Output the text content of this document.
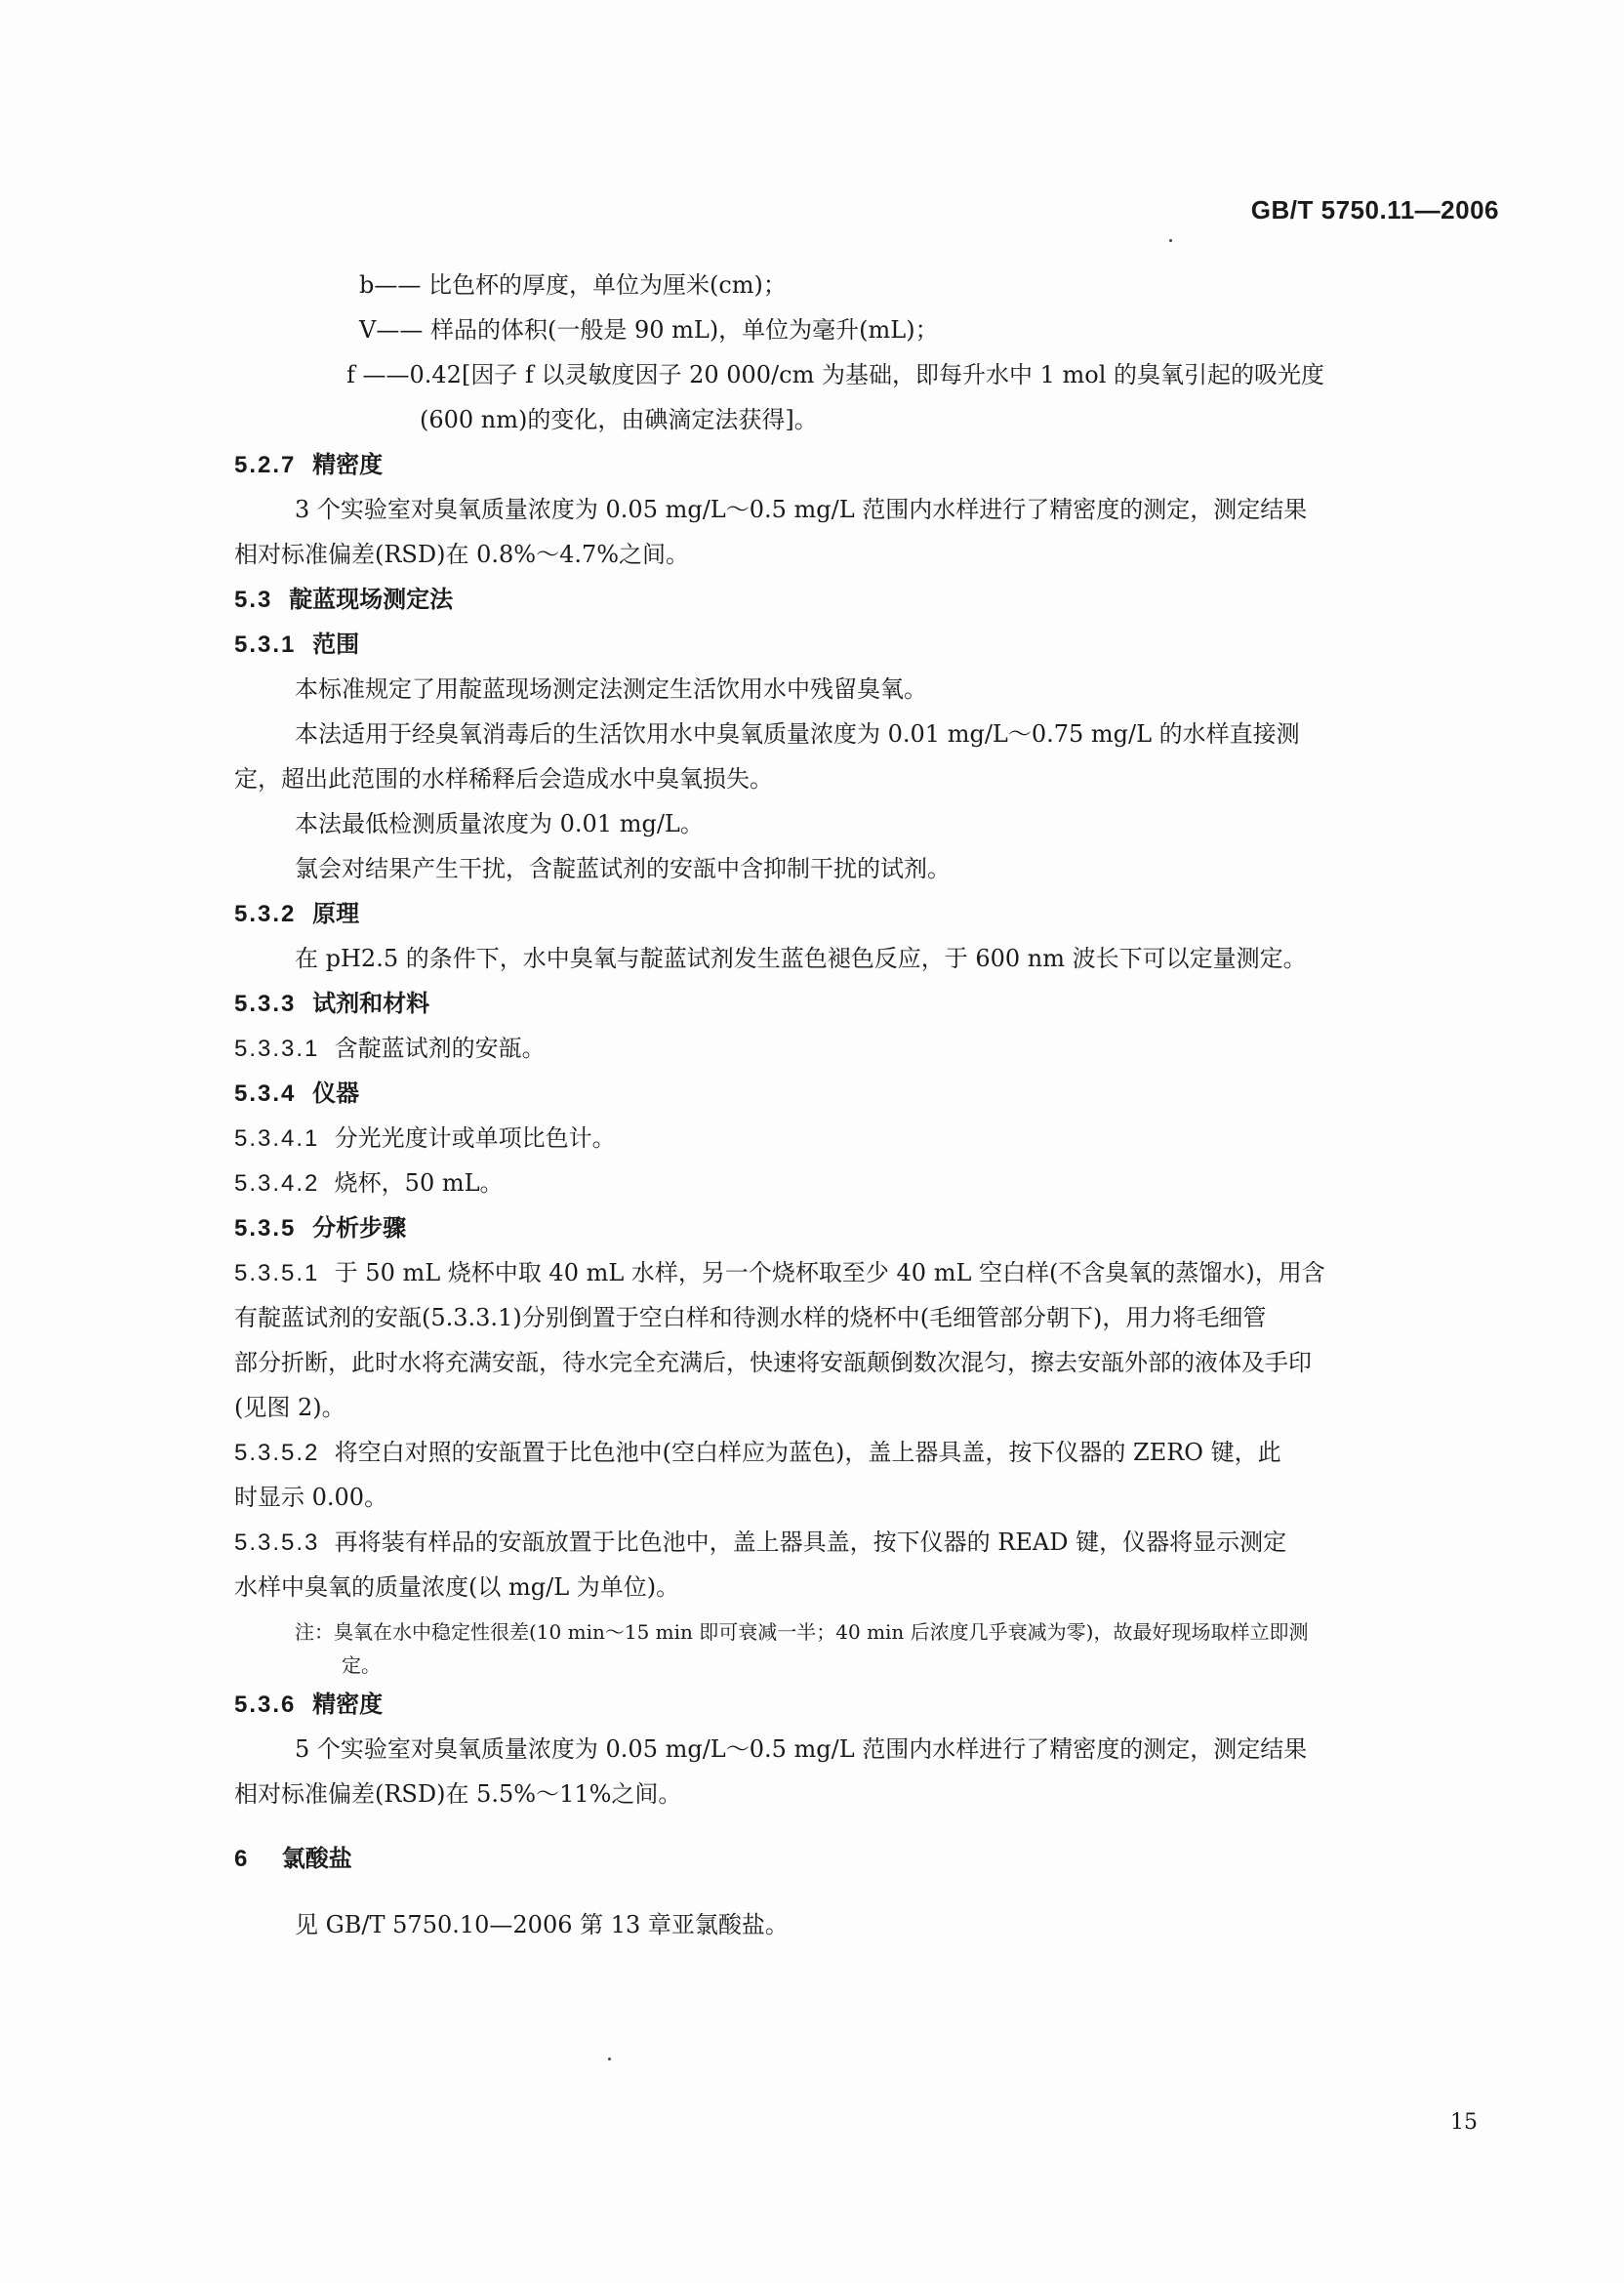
GB/T 5750.11—2006
b—— 比色杯的厚度，单位为厘米(cm)；
V—— 样品的体积(一般是 90 mL)，单位为毫升(mL)；
f ——0.42[因子 f 以灵敏度因子 20 000/cm 为基础，即每升水中 1 mol 的臭氧引起的吸光度
(600 nm)的变化，由碘滴定法获得]。
5.2.7 精密度
3 个实验室对臭氧质量浓度为 0.05 mg/L～0.5 mg/L 范围内水样进行了精密度的测定，测定结果
相对标准偏差(RSD)在 0.8%～4.7%之间。
5.3 靛蓝现场测定法
5.3.1 范围
本标准规定了用靛蓝现场测定法测定生活饮用水中残留臭氧。
本法适用于经臭氧消毒后的生活饮用水中臭氧质量浓度为 0.01 mg/L～0.75 mg/L 的水样直接测
定，超出此范围的水样稀释后会造成水中臭氧损失。
本法最低检测质量浓度为 0.01 mg/L。
氯会对结果产生干扰，含靛蓝试剂的安瓿中含抑制干扰的试剂。
5.3.2 原理
在 pH2.5 的条件下，水中臭氧与靛蓝试剂发生蓝色褪色反应，于 600 nm 波长下可以定量测定。
5.3.3 试剂和材料
5.3.3.1 含靛蓝试剂的安瓿。
5.3.4 仪器
5.3.4.1 分光光度计或单项比色计。
5.3.4.2 烧杯，50 mL。
5.3.5 分析步骤
5.3.5.1 于 50 mL 烧杯中取 40 mL 水样，另一个烧杯取至少 40 mL 空白样(不含臭氧的蒸馏水)，用含
有靛蓝试剂的安瓿(5.3.3.1)分别倒置于空白样和待测水样的烧杯中(毛细管部分朝下)，用力将毛细管
部分折断，此时水将充满安瓿，待水完全充满后，快速将安瓿颠倒数次混匀，擦去安瓿外部的液体及手印
(见图 2)。
5.3.5.2 将空白对照的安瓿置于比色池中(空白样应为蓝色)，盖上器具盖，按下仪器的 ZERO 键，此
时显示 0.00。
5.3.5.3 再将装有样品的安瓿放置于比色池中，盖上器具盖，按下仪器的 READ 键，仪器将显示测定
水样中臭氧的质量浓度(以 mg/L 为单位)。
注：臭氧在水中稳定性很差(10 min～15 min 即可衰减一半；40 min 后浓度几乎衰减为零)，故最好现场取样立即测
定。
5.3.6 精密度
5 个实验室对臭氧质量浓度为 0.05 mg/L～0.5 mg/L 范围内水样进行了精密度的测定，测定结果
相对标准偏差(RSD)在 5.5%～11%之间。
6 氯酸盐
见 GB/T 5750.10—2006 第 13 章亚氯酸盐。
15
